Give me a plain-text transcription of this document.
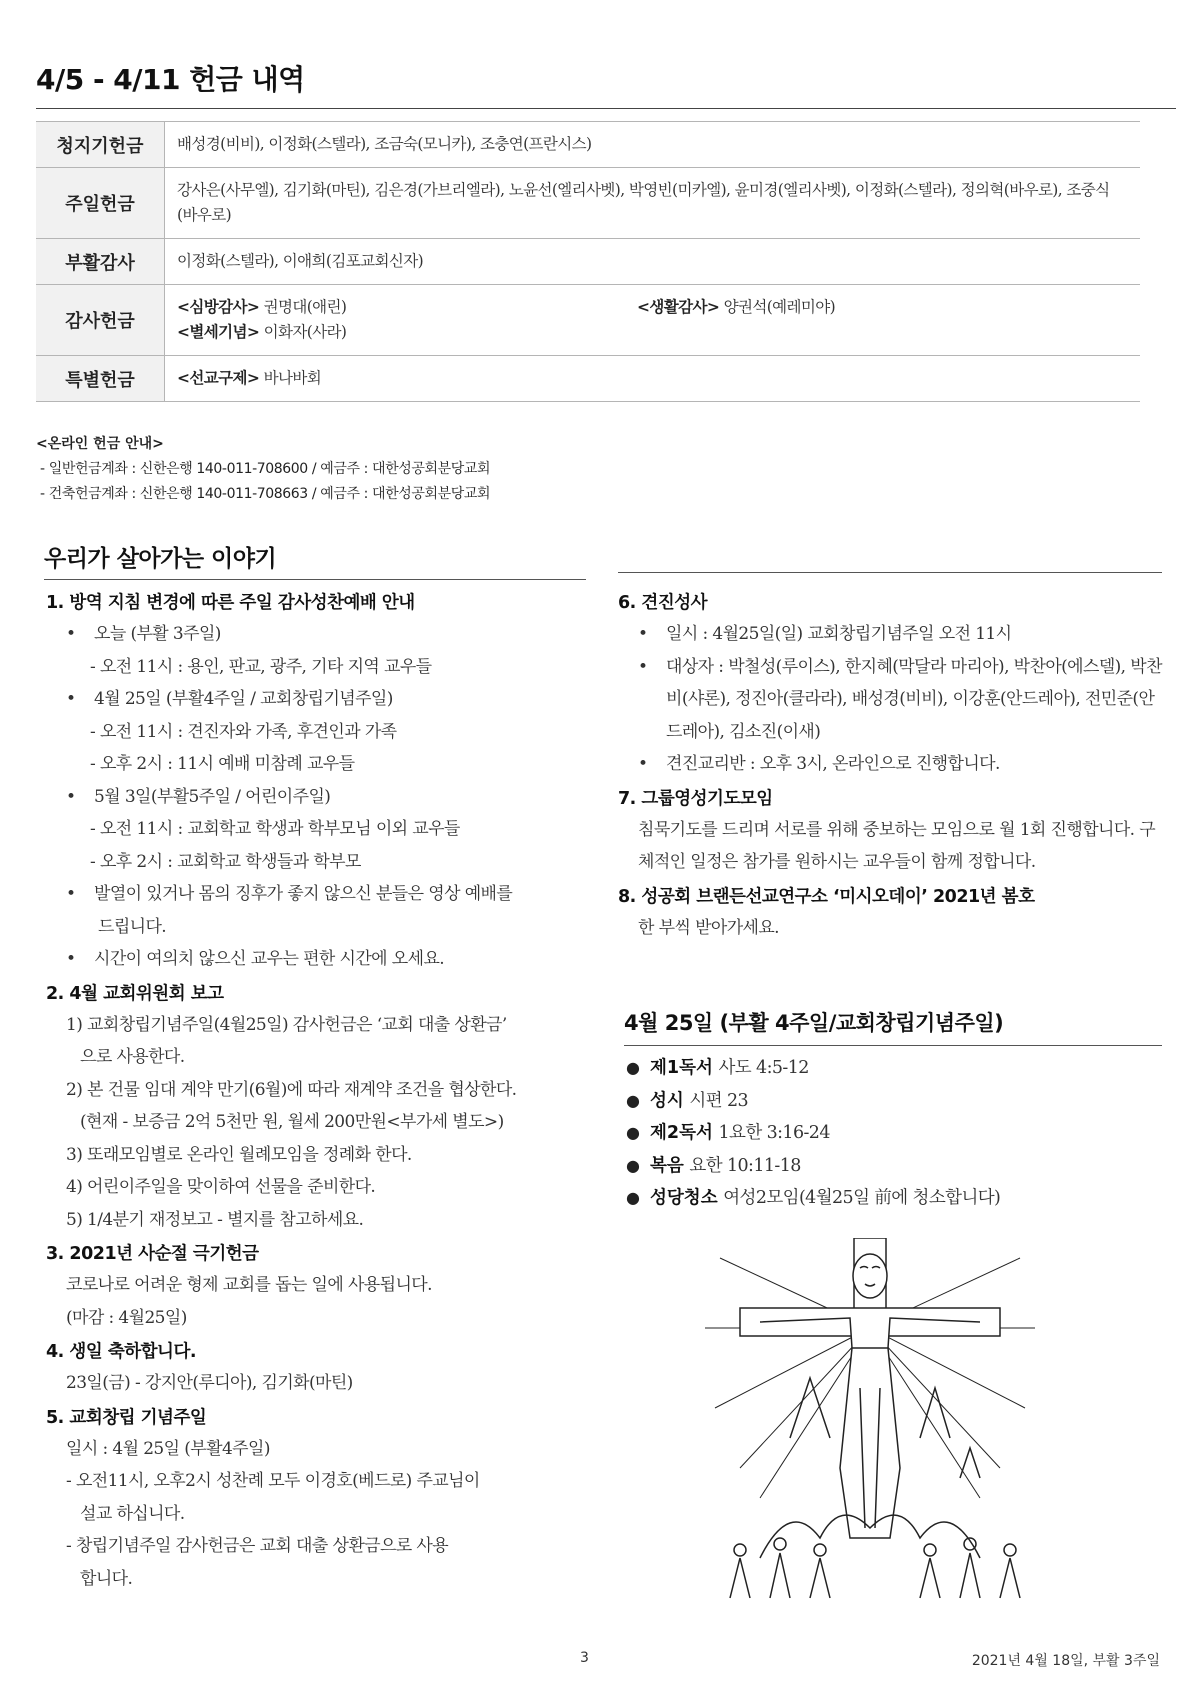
4/5 - 4/11 헌금 내역
청지기헌금	배성경(비비), 이정화(스텔라), 조금숙(모니카), 조충연(프란시스)
주일헌금	강사은(사무엘), 김기화(마틴), 김은경(가브리엘라), 노윤선(엘리사벳), 박영빈(미카엘), 윤미경(엘리사벳), 이정화(스텔라), 정의혁(바우로), 조중식(바우로)
부활감사	이정화(스텔라), 이애희(김포교회신자)
감사헌금	<심방감사> 권명대(애린) <생활감사> 양권석(예레미야)
<별세기념> 이화자(사라)

특별헌금	<선교구제> 바나바회
<온라인 헌금 안내>
- 일반헌금계좌 : 신한은행 140-011-708600 / 예금주 : 대한성공회분당교회
- 건축헌금계좌 : 신한은행 140-011-708663 / 예금주 : 대한성공회분당교회
우리가 살아가는 이야기
1. 방역 지침 변경에 따른 주일 감사성찬예배 안내
• 오늘 (부활 3주일)
- 오전 11시 : 용인, 판교, 광주, 기타 지역 교우들
• 4월 25일 (부활4주일 / 교회창립기념주일)
- 오전 11시 : 견진자와 가족, 후견인과 가족
- 오후 2시 : 11시 예배 미참례 교우들
• 5월 3일(부활5주일 / 어린이주일)
- 오전 11시 : 교회학교 학생과 학부모님 이외 교우들
- 오후 2시 : 교회학교 학생들과 학부모
• 발열이 있거나 몸의 징후가 좋지 않으신 분들은 영상 예배를
드립니다.
• 시간이 여의치 않으신 교우는 편한 시간에 오세요.
2. 4월 교회위원회 보고
1) 교회창립기념주일(4월25일) 감사헌금은 ‘교회 대출 상환금’
으로 사용한다.
2) 본 건물 임대 계약 만기(6월)에 따라 재계약 조건을 협상한다.
(현재 - 보증금 2억 5천만 원, 월세 200만원<부가세 별도>)
3) 또래모임별로 온라인 월례모임을 정례화 한다.
4) 어린이주일을 맞이하여 선물을 준비한다.
5) 1/4분기 재정보고 - 별지를 참고하세요.
3. 2021년 사순절 극기헌금
코로나로 어려운 형제 교회를 돕는 일에 사용됩니다.
(마감 : 4월25일)
4. 생일 축하합니다.
23일(금) - 강지안(루디아), 김기화(마틴)
5. 교회창립 기념주일
일시 : 4월 25일 (부활4주일)
- 오전11시, 오후2시 성찬례 모두 이경호(베드로) 주교님이
설교 하십니다.
- 창립기념주일 감사헌금은 교회 대출 상환금으로 사용
합니다.
6. 견진성사
• 일시 : 4월25일(일) 교회창립기념주일 오전 11시
•	대상자 : 박철성(루이스), 한지혜(막달라 마리아), 박찬아(에스델), 박찬비(샤론), 정진아(클라라), 배성경(비비), 이강훈(안드레아), 전민준(안드레아), 김소진(이새)
• 견진교리반 : 오후 3시, 온라인으로 진행합니다.
7. 그룹영성기도모임
침묵기도를 드리며 서로를 위해 중보하는 모임으로 월 1회 진행합니다. 구체적인 일정은 참가를 원하시는 교우들이 함께 정합니다.
8. 성공회 브랜든선교연구소 ‘미시오데이’ 2021년 봄호
한 부씩 받아가세요.
4월 25일 (부활 4주일/교회창립기념주일)
● 제1독서 사도 4:5-12
● 성시 시편 23
● 제2독서 1요한 3:16-24
● 복음 요한 10:11-18
● 성당청소 여성2모임(4월25일 前에 청소합니다)
3	2021년 4월 18일, 부활 3주일
